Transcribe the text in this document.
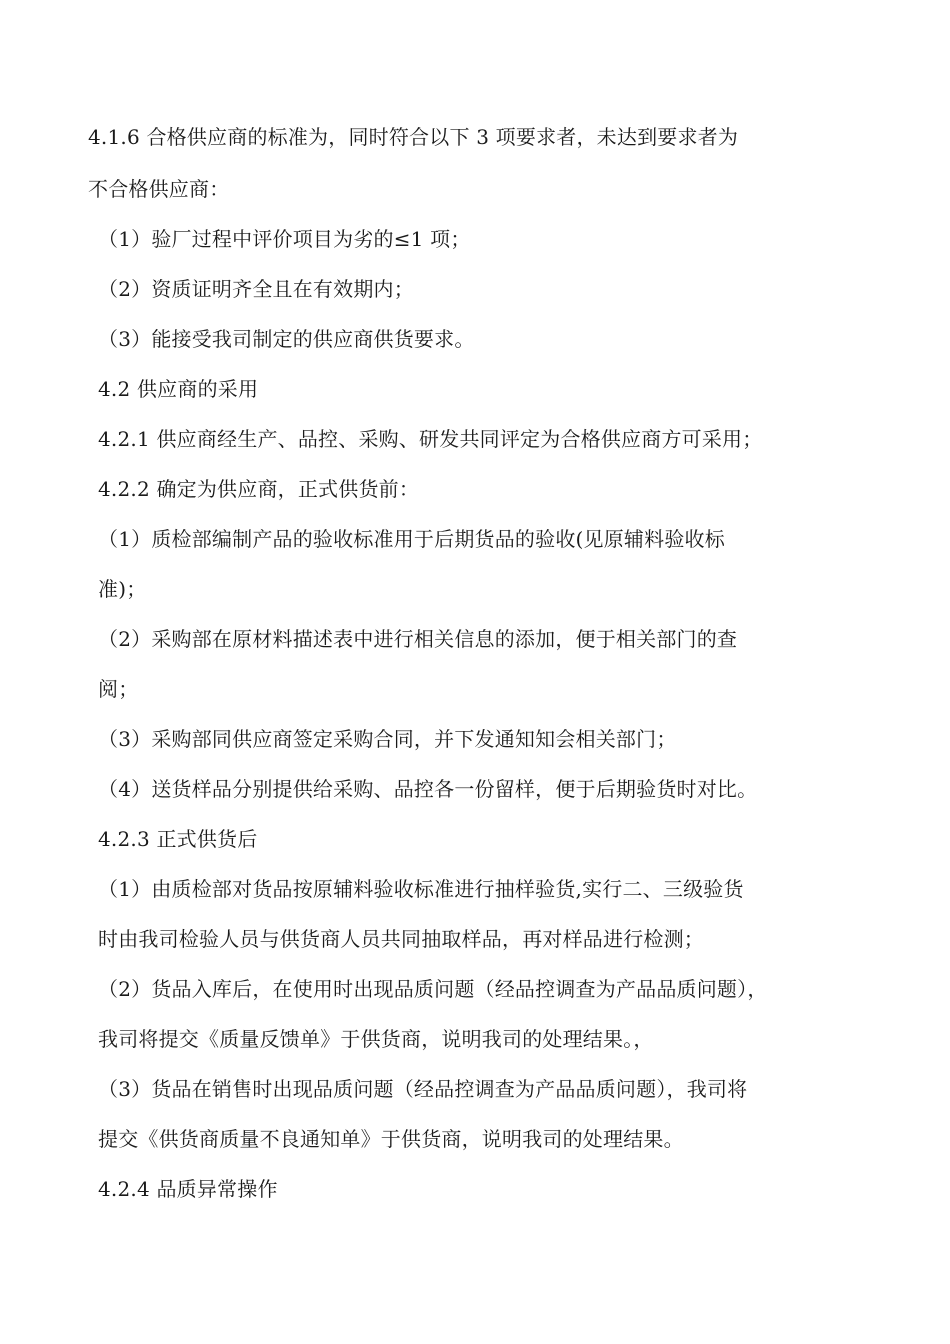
4.1.6 合格供应商的标准为，同时符合以下 3 项要求者，未达到要求者为
不合格供应商：
（1）验厂过程中评价项目为劣的≤1 项；
（2）资质证明齐全且在有效期内；
（3）能接受我司制定的供应商供货要求。
4.2 供应商的采用
4.2.1 供应商经生产、品控、采购、研发共同评定为合格供应商方可采用；
4.2.2 确定为供应商，正式供货前：
（1）质检部编制产品的验收标准用于后期货品的验收(见原辅料验收标
准)；
（2）采购部在原材料描述表中进行相关信息的添加，便于相关部门的查
阅；
（3）采购部同供应商签定采购合同，并下发通知知会相关部门；
（4）送货样品分别提供给采购、品控各一份留样，便于后期验货时对比。
4.2.3 正式供货后
（1）由质检部对货品按原辅料验收标准进行抽样验货,实行二、三级验货
时由我司检验人员与供货商人员共同抽取样品，再对样品进行检测；
（2）货品入库后，在使用时出现品质问题（经品控调查为产品品质问题），
我司将提交《质量反馈单》于供货商，说明我司的处理结果。，
（3）货品在销售时出现品质问题（经品控调查为产品品质问题），我司将
提交《供货商质量不良通知单》于供货商，说明我司的处理结果。
4.2.4 品质异常操作
